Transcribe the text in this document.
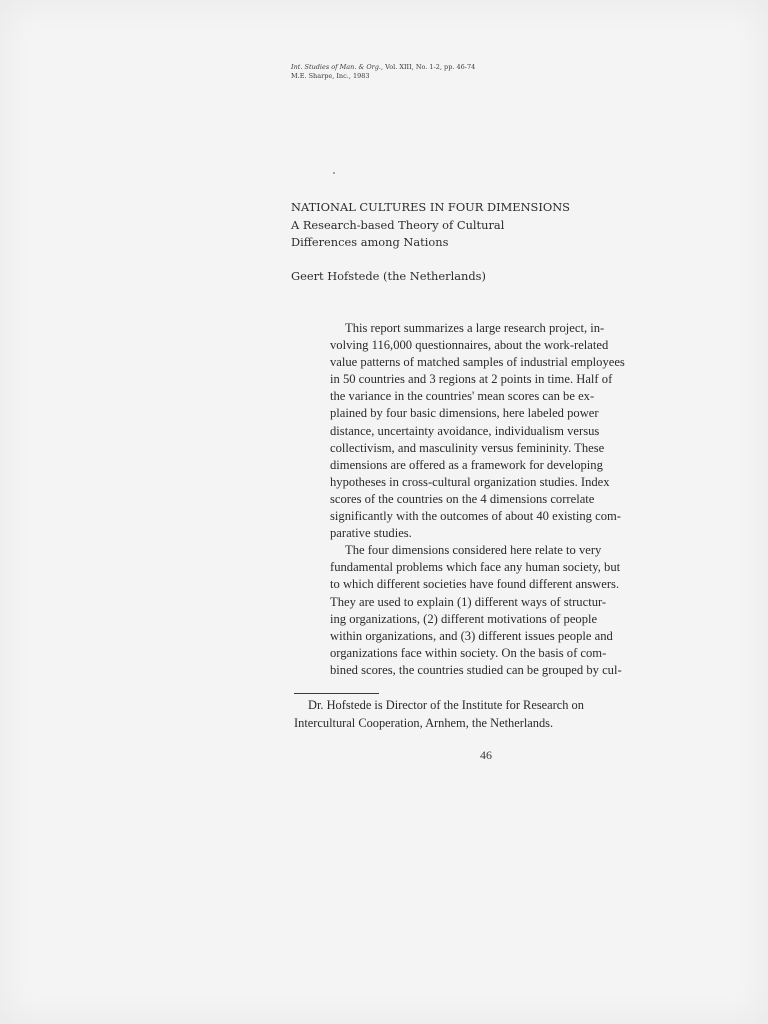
Int. Studies of Man. & Org., Vol. XIII, No. 1-2, pp. 46-74
M.E. Sharpe, Inc., 1983
NATIONAL CULTURES IN FOUR DIMENSIONS
A Research-based Theory of Cultural
Differences among Nations
Geert Hofstede (the Netherlands)
This report summarizes a large research project, in-
volving 116,000 questionnaires, about the work-related
value patterns of matched samples of industrial employees
in 50 countries and 3 regions at 2 points in time. Half of
the variance in the countries' mean scores can be ex-
plained by four basic dimensions, here labeled power
distance, uncertainty avoidance, individualism versus
collectivism, and masculinity versus femininity. These
dimensions are offered as a framework for developing
hypotheses in cross-cultural organization studies. Index
scores of the countries on the 4 dimensions correlate
significantly with the outcomes of about 40 existing com-
parative studies.
The four dimensions considered here relate to very
fundamental problems which face any human society, but
to which different societies have found different answers.
They are used to explain (1) different ways of structur-
ing organizations, (2) different motivations of people
within organizations, and (3) different issues people and
organizations face within society. On the basis of com-
bined scores, the countries studied can be grouped by cul-
Dr. Hofstede is Director of the Institute for Research on
Intercultural Cooperation, Arnhem, the Netherlands.
46
